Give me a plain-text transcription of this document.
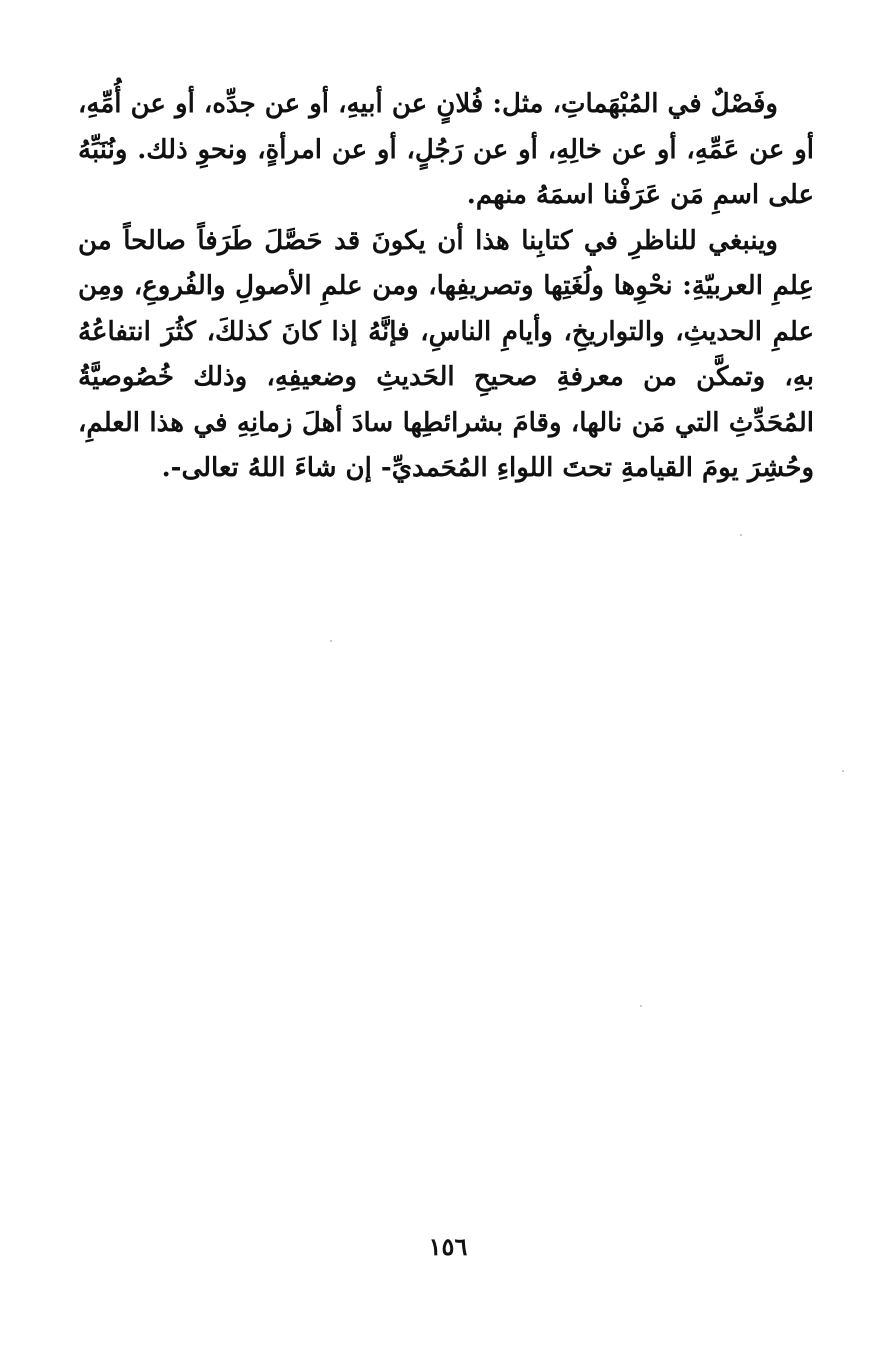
وفَصْلٌ في المُبْهَماتِ، مثل: فُلانٍ عن أبيهِ، أو عن جدِّه، أو عن أُمِّهِ، أو عن عَمِّهِ، أو عن خالِهِ، أو عن رَجُلٍ، أو عن امرأةٍ، ونحوِ ذلك. ونُنَبِّهُ على اسمِ مَن عَرَفْنا اسمَهُ منهم.

وينبغي للناظرِ في كتابِنا هذا أن يكونَ قد حَصَّلَ طَرَفاً صالحاً من عِلمِ العربيّةِ: نحْوِها ولُغَتِها وتصريفِها، ومن علمِ الأصولِ والفُروعِ، ومِن علمِ الحديثِ، والتواريخِ، وأيامِ الناسِ، فإنَّهُ إذا كانَ كذلكَ، كثُرَ انتفاعُهُ بهِ، وتمكَّن من معرفةِ صحيحِ الحَديثِ وضعيفِهِ، وذلك خُصُوصيَّةُ المُحَدِّثِ التي مَن نالها، وقامَ بشرائطِها سادَ أهلَ زمانِهِ في هذا العلمِ، وحُشِرَ يومَ القيامةِ تحتَ اللواءِ المُحَمديِّ- إن شاءَ اللهُ تعالى-.

١٥٦
